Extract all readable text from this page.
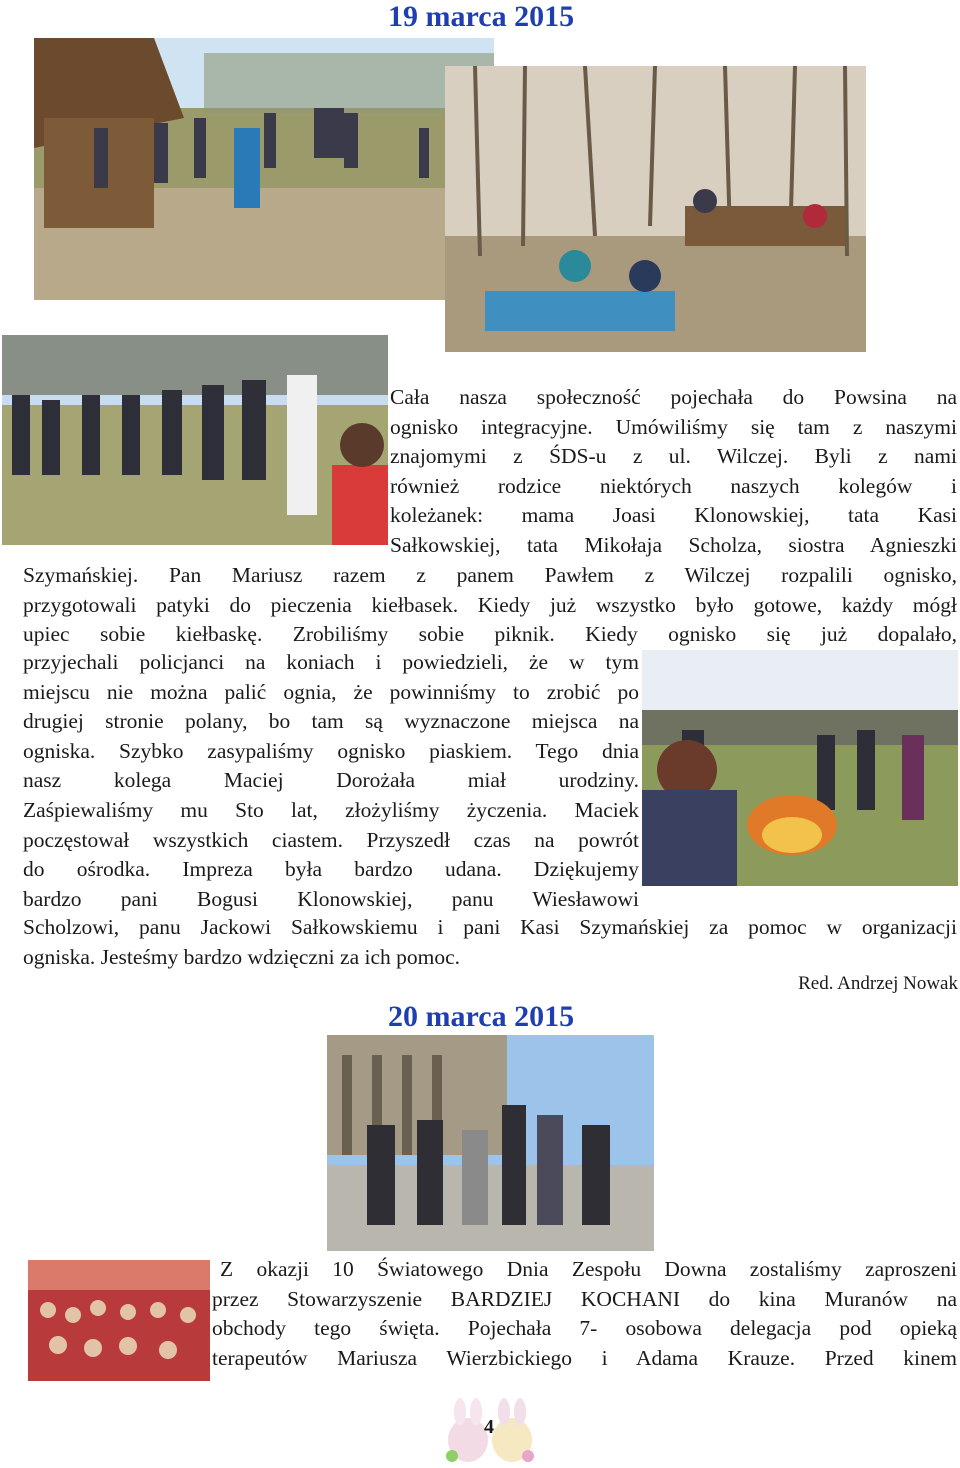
19 marca 2015
Cała nasza społeczność pojechała do Powsina na
ognisko integracyjne. Umówiliśmy się tam z naszymi
znajomymi z ŚDS-u z ul. Wilczej. Byli z nami
również rodzice niektórych naszych kolegów i
koleżanek: mama Joasi Klonowskiej, tata Kasi
Sałkowskiej, tata Mikołaja Scholza, siostra Agnieszki
Szymańskiej. Pan Mariusz razem z panem Pawłem z Wilczej rozpalili ognisko,
przygotowali patyki do pieczenia kiełbasek. Kiedy już wszystko było gotowe, każdy mógł
upiec sobie kiełbaskę. Zrobiliśmy sobie piknik. Kiedy ognisko się już dopalało,
przyjechali policjanci na koniach i powiedzieli, że w tym
miejscu nie można palić ognia, że powinniśmy to zrobić po
drugiej stronie polany, bo tam są wyznaczone miejsca na
ogniska. Szybko zasypaliśmy ognisko piaskiem. Tego dnia
nasz kolega Maciej Dorożała miał urodziny.
Zaśpiewaliśmy mu Sto lat, złożyliśmy życzenia. Maciek
poczęstował wszystkich ciastem. Przyszedł czas na powrót
do ośrodka. Impreza była bardzo udana. Dziękujemy
bardzo pani Bogusi Klonowskiej, panu Wiesławowi
Scholzowi, panu Jackowi Sałkowskiemu i pani Kasi Szymańskiej za pomoc w organizacji
ogniska. Jesteśmy bardzo wdzięczni za ich pomoc.
Red. Andrzej Nowak
20 marca 2015
Z okazji 10 Światowego Dnia Zespołu Downa zostaliśmy zaproszeni
przez Stowarzyszenie BARDZIEJ KOCHANI do kina Muranów na
obchody tego święta. Pojechała 7- osobowa delegacja pod opieką
terapeutów Mariusza Wierzbickiego i Adama Krauze. Przed kinem
4
